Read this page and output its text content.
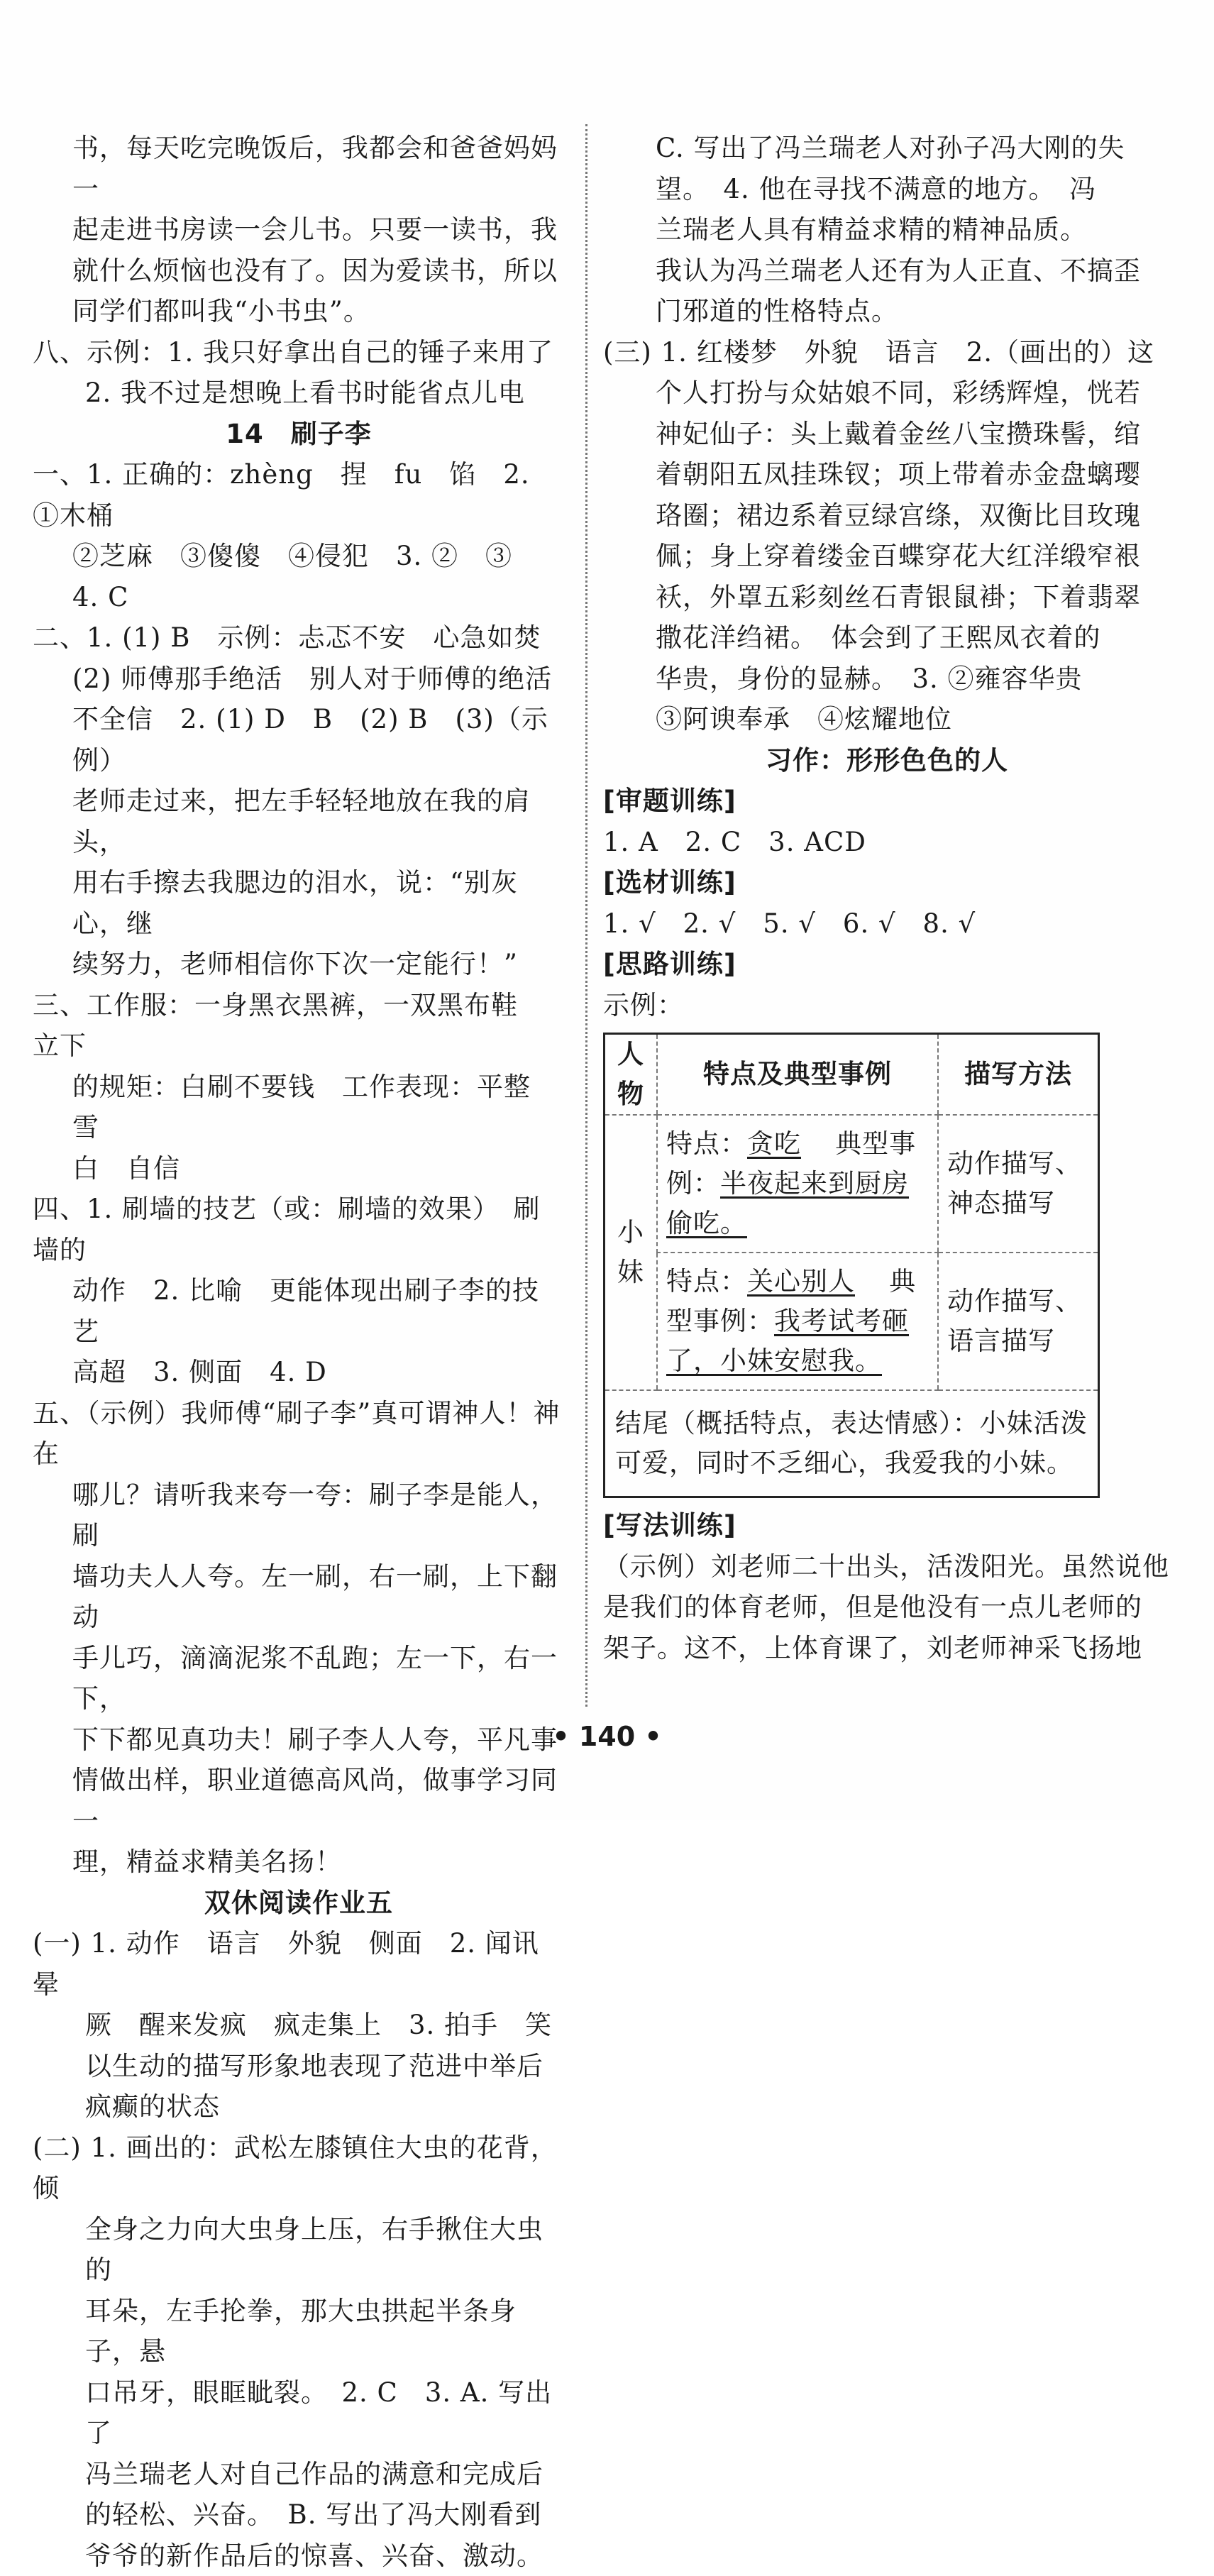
书，每天吃完晚饭后，我都会和爸爸妈妈一

起走进书房读一会儿书。只要一读书，我

就什么烦恼也没有了。因为爱读书，所以

同学们都叫我“小书虫”。

八、示例：1. 我只好拿出自己的锤子来用了

2. 我不过是想晚上看书时能省点儿电

14　刷子李

一、1. 正确的：zhèng　捏　fu　馅　2. ①木桶

②芝麻　③傻傻　④侵犯　3. ②　③

4. C

二、1. (1) B　示例：忐忑不安　心急如焚

(2) 师傅那手绝活　别人对于师傅的绝活

不全信　2. (1) D　B　(2) B　(3)（示例）

老师走过来，把左手轻轻地放在我的肩头，

用右手擦去我腮边的泪水，说：“别灰心，继

续努力，老师相信你下次一定能行！”

三、工作服：一身黑衣黑裤，一双黑布鞋　立下

的规矩：白刷不要钱　工作表现：平整　雪

白　自信

四、1. 刷墙的技艺（或：刷墙的效果）　刷墙的

动作　2. 比喻　更能体现出刷子李的技艺

高超　3. 侧面　4. D

五、（示例）我师傅“刷子李”真可谓神人！神在

哪儿？请听我来夸一夸：刷子李是能人，刷

墙功夫人人夸。左一刷，右一刷，上下翻动

手儿巧，滴滴泥浆不乱跑；左一下，右一下，

下下都见真功夫！刷子李人人夸，平凡事

情做出样，职业道德高风尚，做事学习同一

理，精益求精美名扬！

双休阅读作业五

(一) 1. 动作　语言　外貌　侧面　2. 闻讯晕

厥　醒来发疯　疯走集上　3. 拍手　笑

以生动的描写形象地表现了范进中举后

疯癫的状态

(二) 1. 画出的：武松左膝镇住大虫的花背，倾

全身之力向大虫身上压，右手揪住大虫的

耳朵，左手抡拳，那大虫拱起半条身子，悬

口吊牙，眼眶眦裂。　2. C　3. A. 写出了

冯兰瑞老人对自己作品的满意和完成后

的轻松、兴奋。　B. 写出了冯大刚看到

爷爷的新作品后的惊喜、兴奋、激动。

C. 写出了冯兰瑞老人对孙子冯大刚的失

望。　4. 他在寻找不满意的地方。　冯

兰瑞老人具有精益求精的精神品质。

我认为冯兰瑞老人还有为人正直、不搞歪

门邪道的性格特点。

(三) 1. 红楼梦　外貌　语言　2.（画出的）这

个人打扮与众姑娘不同，彩绣辉煌，恍若

神妃仙子：头上戴着金丝八宝攒珠髻，绾

着朝阳五凤挂珠钗；项上带着赤金盘螭璎

珞圈；裙边系着豆绿宫绦，双衡比目玫瑰

佩；身上穿着缕金百蝶穿花大红洋缎窄裉

袄，外罩五彩刻丝石青银鼠褂；下着翡翠

撒花洋绉裙。　体会到了王熙凤衣着的

华贵，身份的显赫。　3. ②雍容华贵

③阿谀奉承　④炫耀地位

习作：形形色色的人

[审题训练]

1. A　2. C　3. ACD

[选材训练]

1. √　2. √　5. √　6. √　8. √

[思路训练]

示例：

人物	特点及典型事例	描写方法
小妹	特点：贪吃 典型事例：半夜起来到厨房偷吃。	动作描写、神态描写
	特点：关心别人 典型事例：我考试考砸了，小妹安慰我。	动作描写、语言描写
结尾（概括特点，表达情感）：小妹活泼可爱，同时不乏细心，我爱我的小妹。		

[写法训练]

（示例）刘老师二十出头，活泼阳光。虽然说他

是我们的体育老师，但是他没有一点儿老师的

架子。这不，上体育课了，刘老师神采飞扬地

• 140 •
